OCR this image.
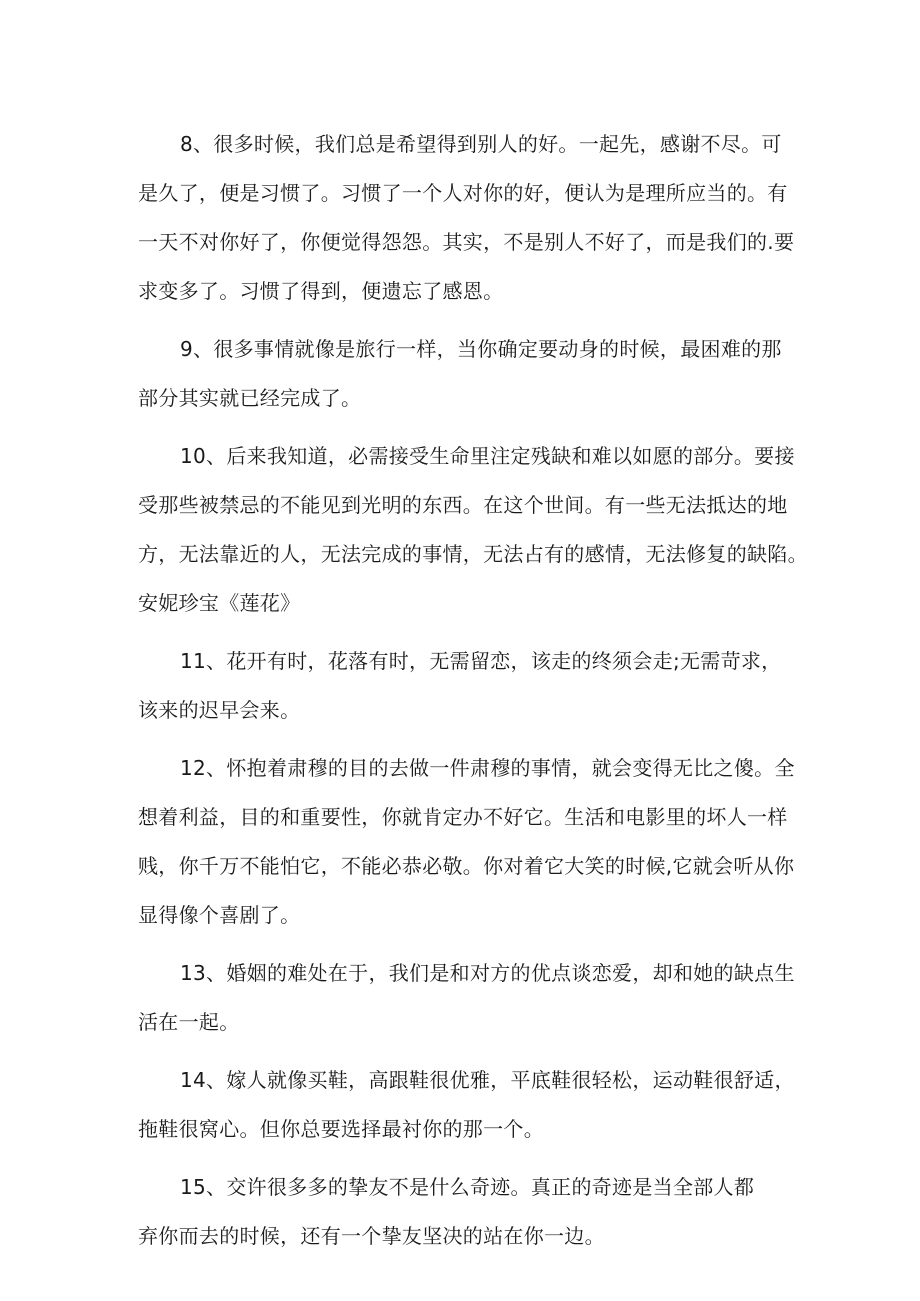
8、很多时候，我们总是希望得到别人的好。一起先，感谢不尽。可
是久了，便是习惯了。习惯了一个人对你的好，便认为是理所应当的。有
一天不对你好了，你便觉得怨怨。其实，不是别人不好了，而是我们的.要
求变多了。习惯了得到，便遗忘了感恩。
9、很多事情就像是旅行一样，当你确定要动身的时候，最困难的那
部分其实就已经完成了。
10、后来我知道，必需接受生命里注定残缺和难以如愿的部分。要接
受那些被禁忌的不能见到光明的东西。在这个世间。有一些无法抵达的地
方，无法靠近的人，无法完成的事情，无法占有的感情，无法修复的缺陷。
安妮珍宝《莲花》
11、花开有时，花落有时，无需留恋，该走的终须会走;无需苛求，
该来的迟早会来。
12、怀抱着肃穆的目的去做一件肃穆的事情，就会变得无比之傻。全
想着利益，目的和重要性，你就肯定办不好它。生活和电影里的坏人一样
贱，你千万不能怕它，不能必恭必敬。你对着它大笑的时候,它就会听从你
显得像个喜剧了。
13、婚姻的难处在于，我们是和对方的优点谈恋爱，却和她的缺点生
活在一起。
14、嫁人就像买鞋，高跟鞋很优雅，平底鞋很轻松，运动鞋很舒适，
拖鞋很窝心。但你总要选择最衬你的那一个。
15、交许很多多的挚友不是什么奇迹。真正的奇迹是当全部人都
弃你而去的时候，还有一个挚友坚决的站在你一边。
